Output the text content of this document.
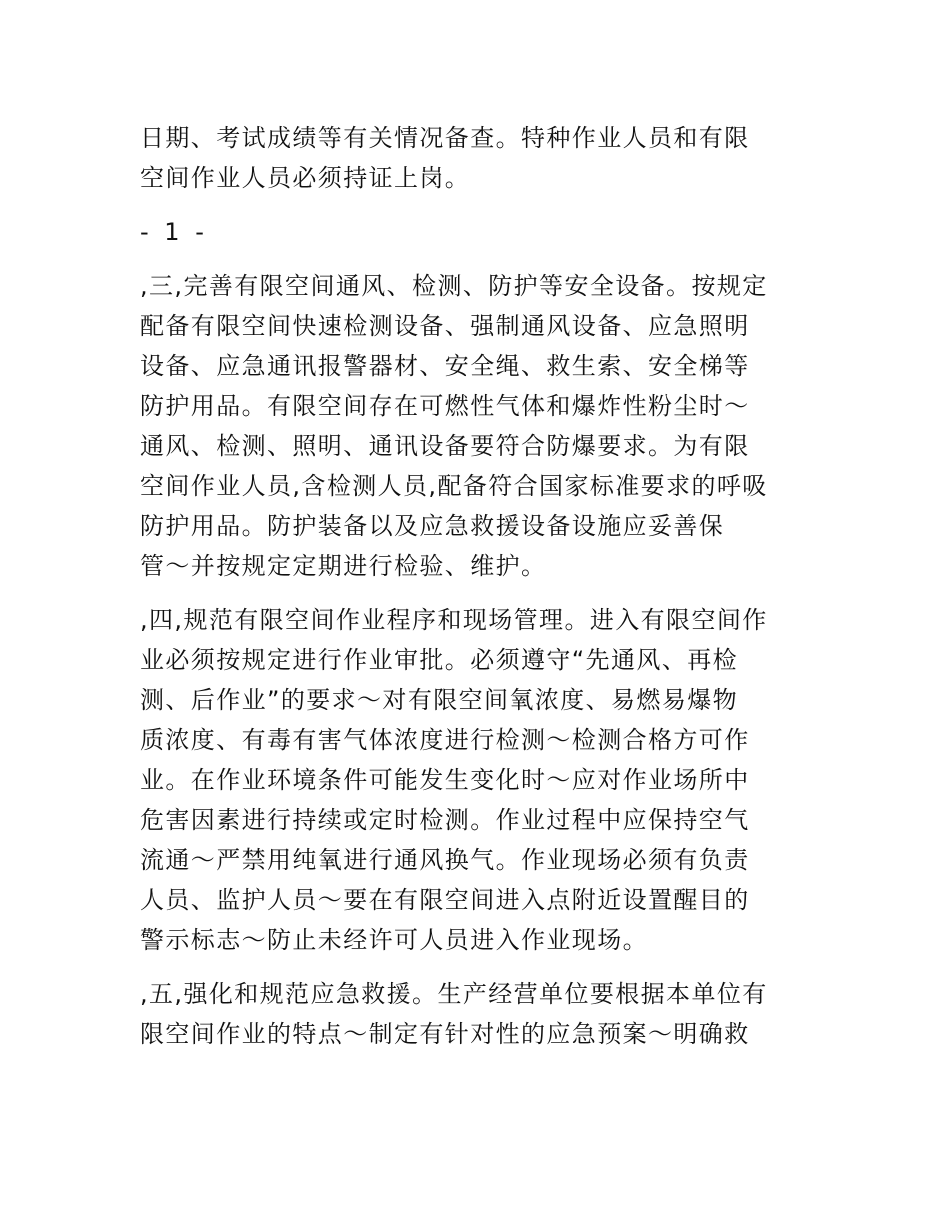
日期、考试成绩等有关情况备查。特种作业人员和有限
空间作业人员必须持证上岗。
- 1 -
,三,完善有限空间通风、检测、防护等安全设备。按规定
配备有限空间快速检测设备、强制通风设备、应急照明
设备、应急通讯报警器材、安全绳、救生索、安全梯等
防护用品。有限空间存在可燃性气体和爆炸性粉尘时～
通风、检测、照明、通讯设备要符合防爆要求。为有限
空间作业人员,含检测人员,配备符合国家标准要求的呼吸
防护用品。防护装备以及应急救援设备设施应妥善保
管～并按规定定期进行检验、维护。
,四,规范有限空间作业程序和现场管理。进入有限空间作
业必须按规定进行作业审批。必须遵守“先通风、再检
测、后作业”的要求～对有限空间氧浓度、易燃易爆物
质浓度、有毒有害气体浓度进行检测～检测合格方可作
业。在作业环境条件可能发生变化时～应对作业场所中
危害因素进行持续或定时检测。作业过程中应保持空气
流通～严禁用纯氧进行通风换气。作业现场必须有负责
人员、监护人员～要在有限空间进入点附近设置醒目的
警示标志～防止未经许可人员进入作业现场。
,五,强化和规范应急救援。生产经营单位要根据本单位有
限空间作业的特点～制定有针对性的应急预案～明确救
